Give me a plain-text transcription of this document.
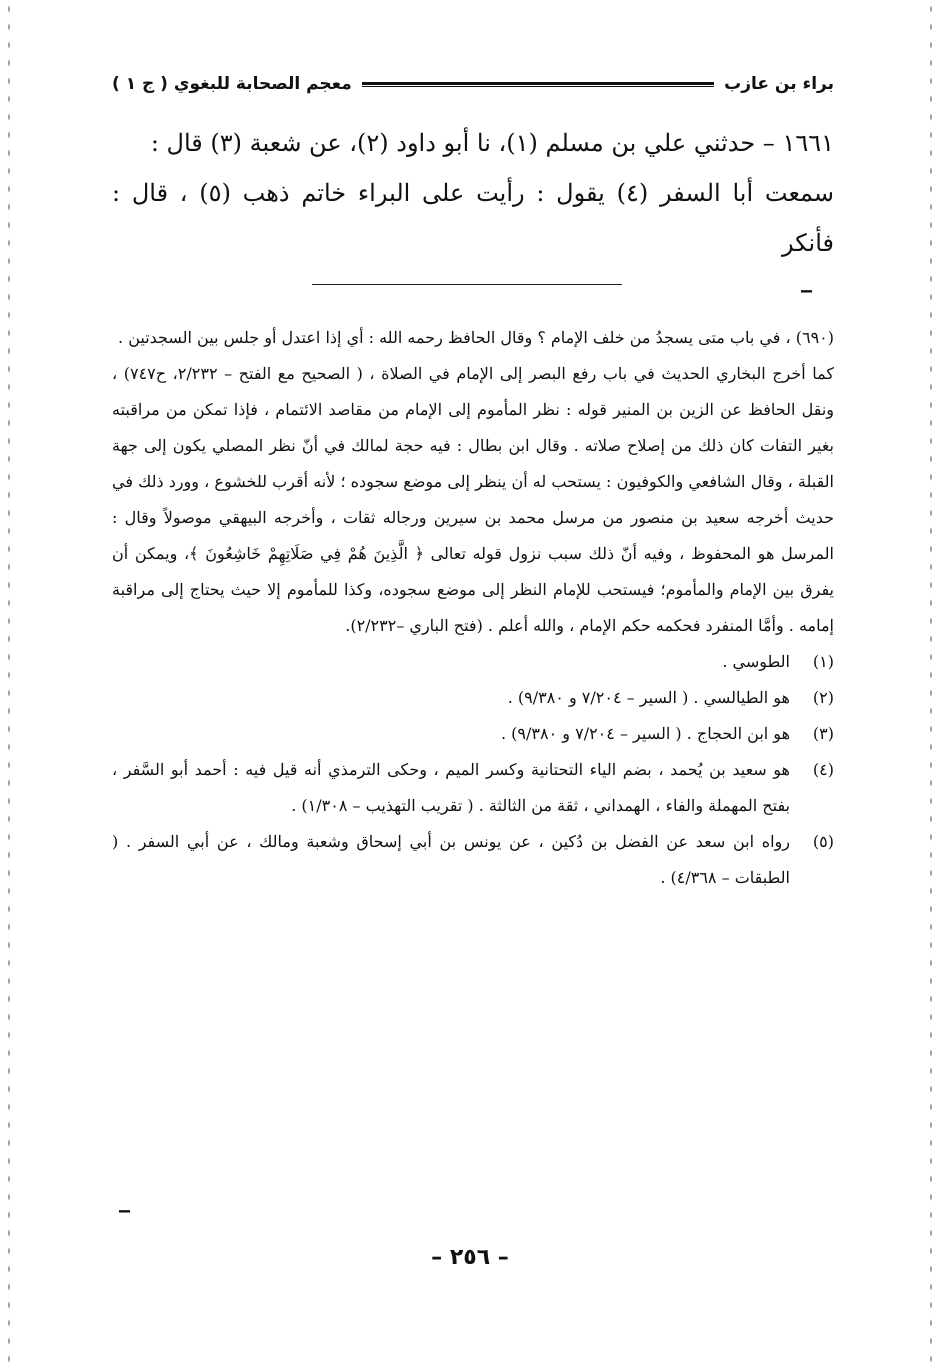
براء بن عازب
معجم الصحابة للبغوي ( ج ١ )

١٦٦١ – حدثني علي بن مسلم (١)، نا أبو داود (٢)، عن شعبة (٣) قال :

سمعت أبا السفر (٤) يقول : رأيت على البراء خاتم ذهب (٥) ، قال : فأنكر

--

(٦٩٠) ، في باب متى يسجدُ من خلف الإمام ؟ وقال الحافظ رحمه الله : أي إذا اعتدل أو جلس بين السجدتين .

كما أخرج البخاري الحديث في باب رفع البصر إلى الإمام في الصلاة ، ( الصحيح مع الفتح – ٢/٢٣٢، ح٧٤٧) ، ونقل الحافظ عن الزين بن المنير قوله : نظر المأموم إلى الإمام من مقاصد الائتمام ، فإذا تمكن من مراقبته بغير التفات كان ذلك من إصلاح صلاته . وقال ابن بطال : فيه حجة لمالك في أنّ نظر المصلي يكون إلى جهة القبلة ، وقال الشافعي والكوفيون : يستحب له أن ينظر إلى موضع سجوده ؛ لأنه أقرب للخشوع ، وورد ذلك في حديث أخرجه سعيد بن منصور من مرسل محمد بن سيرين ورجاله ثقات ، وأخرجه البيهقي موصولاً وقال : المرسل هو المحفوظ ، وفيه أنّ ذلك سبب نزول قوله تعالى ﴿ الَّذِينَ هُمْ فِي صَلَاتِهِمْ خَاشِعُونَ ﴾، ويمكن أن يفرق بين الإمام والمأموم؛ فيستحب للإمام النظر إلى موضع سجوده، وكذا للمأموم إلا حيث يحتاج إلى مراقبة إمامه . وأمَّا المنفرد فحكمه حكم الإمام ، والله أعلم . (فتح الباري –٢/٢٣٢).

(١)
الطوسي .
(٢)
هو الطيالسي . ( السير – ٧/٢٠٤ و ٩/٣٨٠) .
(٣)
هو ابن الحجاج . ( السير – ٧/٢٠٤ و ٩/٣٨٠) .
(٤)
هو سعيد بن يُحمد ، بضم الياء التحتانية وكسر الميم ، وحكى الترمذي أنه قيل فيه : أحمد أبو السَّفر ، بفتح المهملة والفاء ، الهمداني ، ثقة من الثالثة . ( تقريب التهذيب – ١/٣٠٨) .
(٥)
رواه ابن سعد عن الفضل بن دُكين ، عن يونس بن أبي إسحاق وشعبة ومالك ، عن أبي السفر . ( الطبقات – ٤/٣٦٨) .
--
– ٢٥٦ –
